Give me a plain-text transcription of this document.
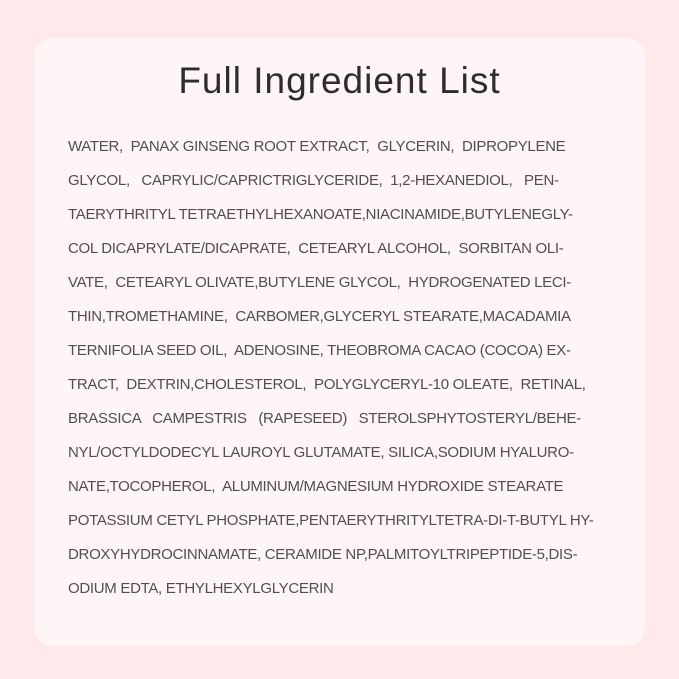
Full Ingredient List
WATER,  PANAX GINSENG ROOT EXTRACT,  GLYCERIN,  DIPROPYLENE
GLYCOL,   CAPRYLIC/CAPRICTRIGLYCERIDE,  1,2-HEXANEDIOL,   PEN-
TAERYTHRITYL TETRAETHYLHEXANOATE,NIACINAMIDE,BUTYLENEGLY-
COL DICAPRYLATE/DICAPRATE,  CETEARYL ALCOHOL,  SORBITAN OLI-
VATE,  CETEARYL OLIVATE,BUTYLENE GLYCOL,  HYDROGENATED LECI-
THIN,TROMETHAMINE,  CARBOMER,GLYCERYL STEARATE,MACADAMIA
TERNIFOLIA SEED OIL,  ADENOSINE, THEOBROMA CACAO (COCOA) EX-
TRACT,  DEXTRIN,CHOLESTEROL,  POLYGLYCERYL-10 OLEATE,  RETINAL,
BRASSICA   CAMPESTRIS   (RAPESEED)   STEROLSPHYTOSTERYL/BEHE-
NYL/OCTYLDODECYL LAUROYL GLUTAMATE, SILICA,SODIUM HYALURO-
NATE,TOCOPHEROL,  ALUMINUM/MAGNESIUM HYDROXIDE STEARATE
POTASSIUM CETYL PHOSPHATE,PENTAERYTHRITYLTETRA-DI-T-BUTYL HY-
DROXYHYDROCINNAMATE, CERAMIDE NP,PALMITOYLTRIPEPTIDE-5,DIS-
ODIUM EDTA, ETHYLHEXYLGLYCERIN
